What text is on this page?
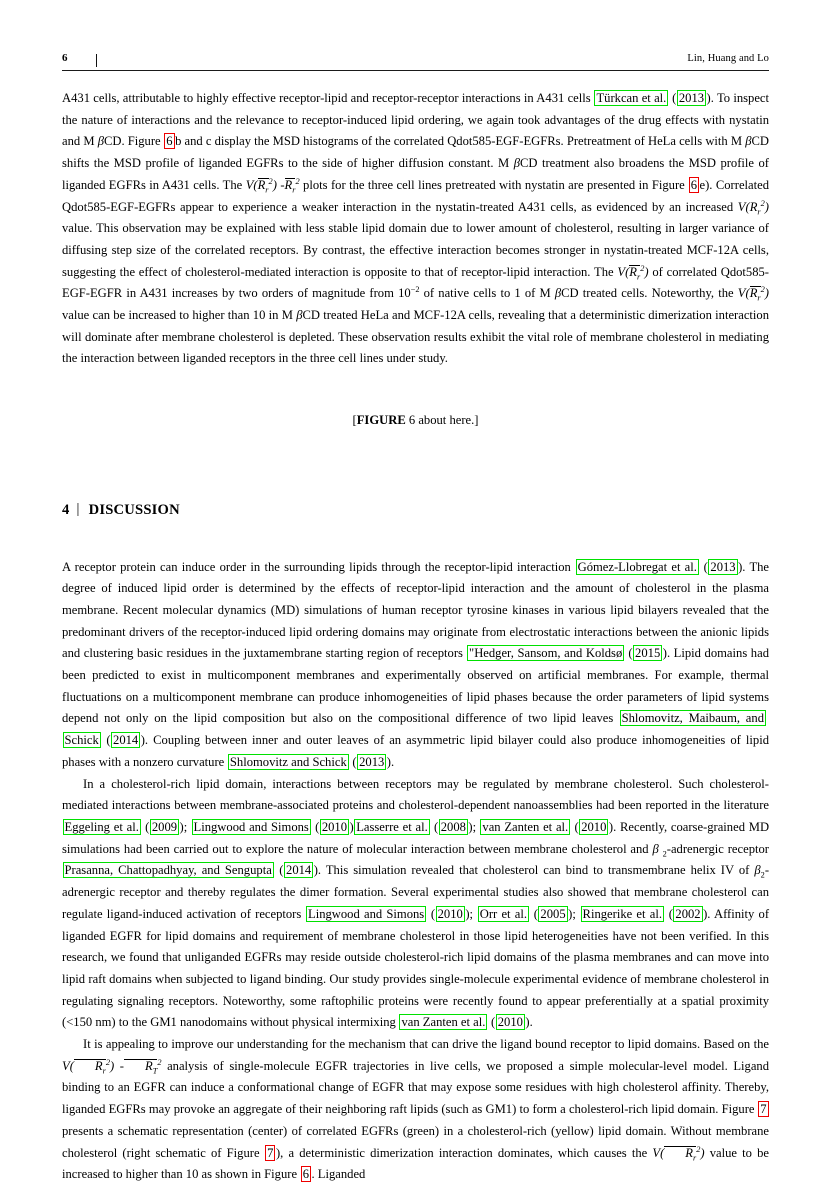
6	Lin, Huang and Lo

A431 cells, attributable to highly effective receptor-lipid and receptor-receptor interactions in A431 cells Türkcan et al. ( 2013 ). To inspect the nature of interactions and the relevance to receptor-induced lipid ordering, we again took advantages of the drug effects with nystatin and M βCD. Figure 6 b and c display the MSD histograms of the correlated Qdot585-EGF-EGFRs. Pretreatment of HeLa cells with M βCD shifts the MSD profile of liganded EGFRs to the side of higher diffusion constant. M βCD treatment also broadens the MSD profile of liganded EGFRs in A431 cells. The $V(R_r^2)$ $-R_r^2$ plots for the three cell lines pretreated with nystatin are presented in Figure 6 e). Correlated Qdot585-EGF-EGFRs appear to experience a weaker interaction in the nystatin-treated A431 cells, as evidenced by an increased $V(R_r^2)$ value. This observation may be explained with less stable lipid domain due to lower amount of cholesterol, resulting in larger variance of diffusing step size of the correlated receptors. By contrast, the effective interaction becomes stronger in nystatin-treated MCF-12A cells, suggesting the effect of cholesterol-mediated interaction is opposite to that of receptor-lipid interaction. The $V(R_r^2)$ of correlated Qdot585-EGF-EGFR in A431 increases by two orders of magnitude from $10^{-2}$ of native cells to 1 of M βCD treated cells. Noteworthy, the $V(R_r^2)$ value can be increased to higher than 10 in M βCD treated HeLa and MCF-12A cells, revealing that a deterministic dimerization interaction will dominate after membrane cholesterol is depleted. These observation results exhibit the vital role of membrane cholesterol in mediating the interaction between liganded receptors in the three cell lines under study.

[FIGURE 6 about here.]

4 | DISCUSSION

A receptor protein can induce order in the surrounding lipids through the receptor-lipid interaction Gómez-Llobregat et al. ( 2013 ). The degree of induced lipid order is determined by the effects of receptor-lipid interaction and the amount of cholesterol in the plasma membrane. Recent molecular dynamics (MD) simulations of human receptor tyrosine kinases in various lipid bilayers revealed that the predominant drivers of the receptor-induced lipid ordering domains may originate from electrostatic interactions between the anionic lipids and clustering basic residues in the juxtamembrane starting region of receptors "Hedger, Sansom, and Koldsø ( 2015 ). Lipid domains had been predicted to exist in multicomponent membranes and experimentally observed on artificial membranes. For example, thermal fluctuations on a multicomponent membrane can produce inhomogeneities of lipid phases because the order parameters of lipid systems depend not only on the lipid composition but also on the compositional difference of two lipid leaves Shlomovitz, Maibaum, and Schick ( 2014 ). Coupling between inner and outer leaves of an asymmetric lipid bilayer could also produce inhomogeneities of lipid phases with a nonzero curvature Shlomovitz and Schick ( 2013 ).

In a cholesterol-rich lipid domain, interactions between receptors may be regulated by membrane cholesterol. Such cholesterol-mediated interactions between membrane-associated proteins and cholesterol-dependent nanoassemblies had been reported in the literature Eggeling et al. ( 2009 ); Lingwood and Simons ( 2010 ) Lasserre et al. ( 2008 ); van Zanten et al. ( 2010 ). Recently, coarse-grained MD simulations had been carried out to explore the nature of molecular interaction between membrane cholesterol and β $_2$-adrenergic receptor Prasanna, Chattopadhyay, and Sengupta ( 2014 ). This simulation revealed that cholesterol can bind to transmembrane helix IV of $\beta_2$-adrenergic receptor and thereby regulates the dimer formation. Several experimental studies also showed that membrane cholesterol can regulate ligand-induced activation of receptors Lingwood and Simons ( 2010 ); Orr et al. ( 2005 ); Ringerike et al. ( 2002 ). Affinity of liganded EGFR for lipid domains and requirement of membrane cholesterol in those lipid heterogeneities have not been verified. In this research, we found that unliganded EGFRs may reside outside cholesterol-rich lipid domains of the plasma membranes and can move into lipid raft domains when subjected to ligand binding. Our study provides single-molecule experimental evidence of membrane cholesterol in regulating signaling receptors. Noteworthy, some raftophilic proteins were recently found to appear preferentially at a spatial proximity (<150 nm) to the GM1 nanodomains without physical intermixing van Zanten et al. ( 2010 ).

It is appealing to improve our understanding for the mechanism that can drive the ligand bound receptor to lipid domains. Based on the V( $R_r^2) - R_T^2$ analysis of single-molecule EGFR trajectories in live cells, we proposed a simple molecular-level model. Ligand binding to an EGFR can induce a conformational change of EGFR that may expose some residues with high cholesterol affinity. Thereby, liganded EGFRs may provoke an aggregate of their neighboring raft lipids (such as GM1) to form a cholesterol-rich lipid domain. Figure 7 presents a schematic representation (center) of correlated EGFRs (green) in a cholesterol-rich (yellow) lipid domain. Without membrane cholesterol (right schematic of Figure 7 ), a deterministic dimerization interaction dominates, which causes the V( $R_r^2$) value to be increased to higher than 10 as shown in Figure 6 . Liganded
